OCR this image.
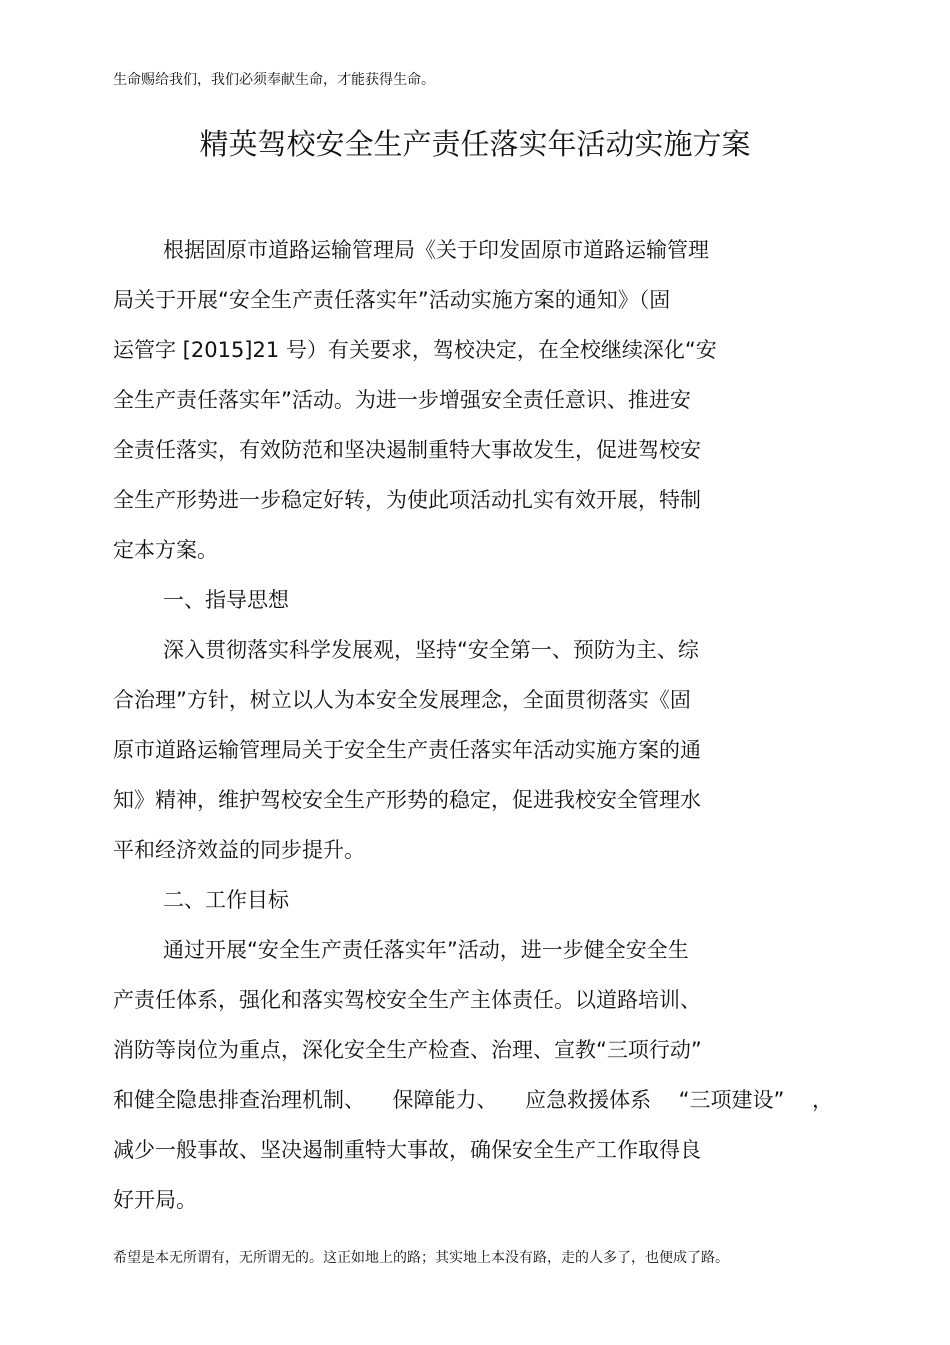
生命赐给我们，我们必须奉献生命，才能获得生命。
精英驾校安全生产责任落实年活动实施方案
根据固原市道路运输管理局《关于印发固原市道路运输管理
局关于开展“安全生产责任落实年”活动实施方案的通知》（固
运管字 [2015]21 号）有关要求，驾校决定，在全校继续深化“安
全生产责任落实年”活动。为进一步增强安全责任意识、推进安
全责任落实，有效防范和坚决遏制重特大事故发生，促进驾校安
全生产形势进一步稳定好转，为使此项活动扎实有效开展，特制
定本方案。
一、指导思想
深入贯彻落实科学发展观，坚持“安全第一、预防为主、综
合治理”方针，树立以人为本安全发展理念，全面贯彻落实《固
原市道路运输管理局关于安全生产责任落实年活动实施方案的通
知》精神，维护驾校安全生产形势的稳定，促进我校安全管理水
平和经济效益的同步提升。
二、工作目标
通过开展“安全生产责任落实年”活动，进一步健全安全生
产责任体系，强化和落实驾校安全生产主体责任。以道路培训、
消防等岗位为重点，深化安全生产检查、治理、宣教“三项行动”
和健全隐患排查治理机制、 保障能力、 应急救援体系 “三项建设” ，
减少一般事故、坚决遏制重特大事故，确保安全生产工作取得良
好开局。
希望是本无所谓有，无所谓无的。这正如地上的路；其实地上本没有路，走的人多了，也便成了路。
